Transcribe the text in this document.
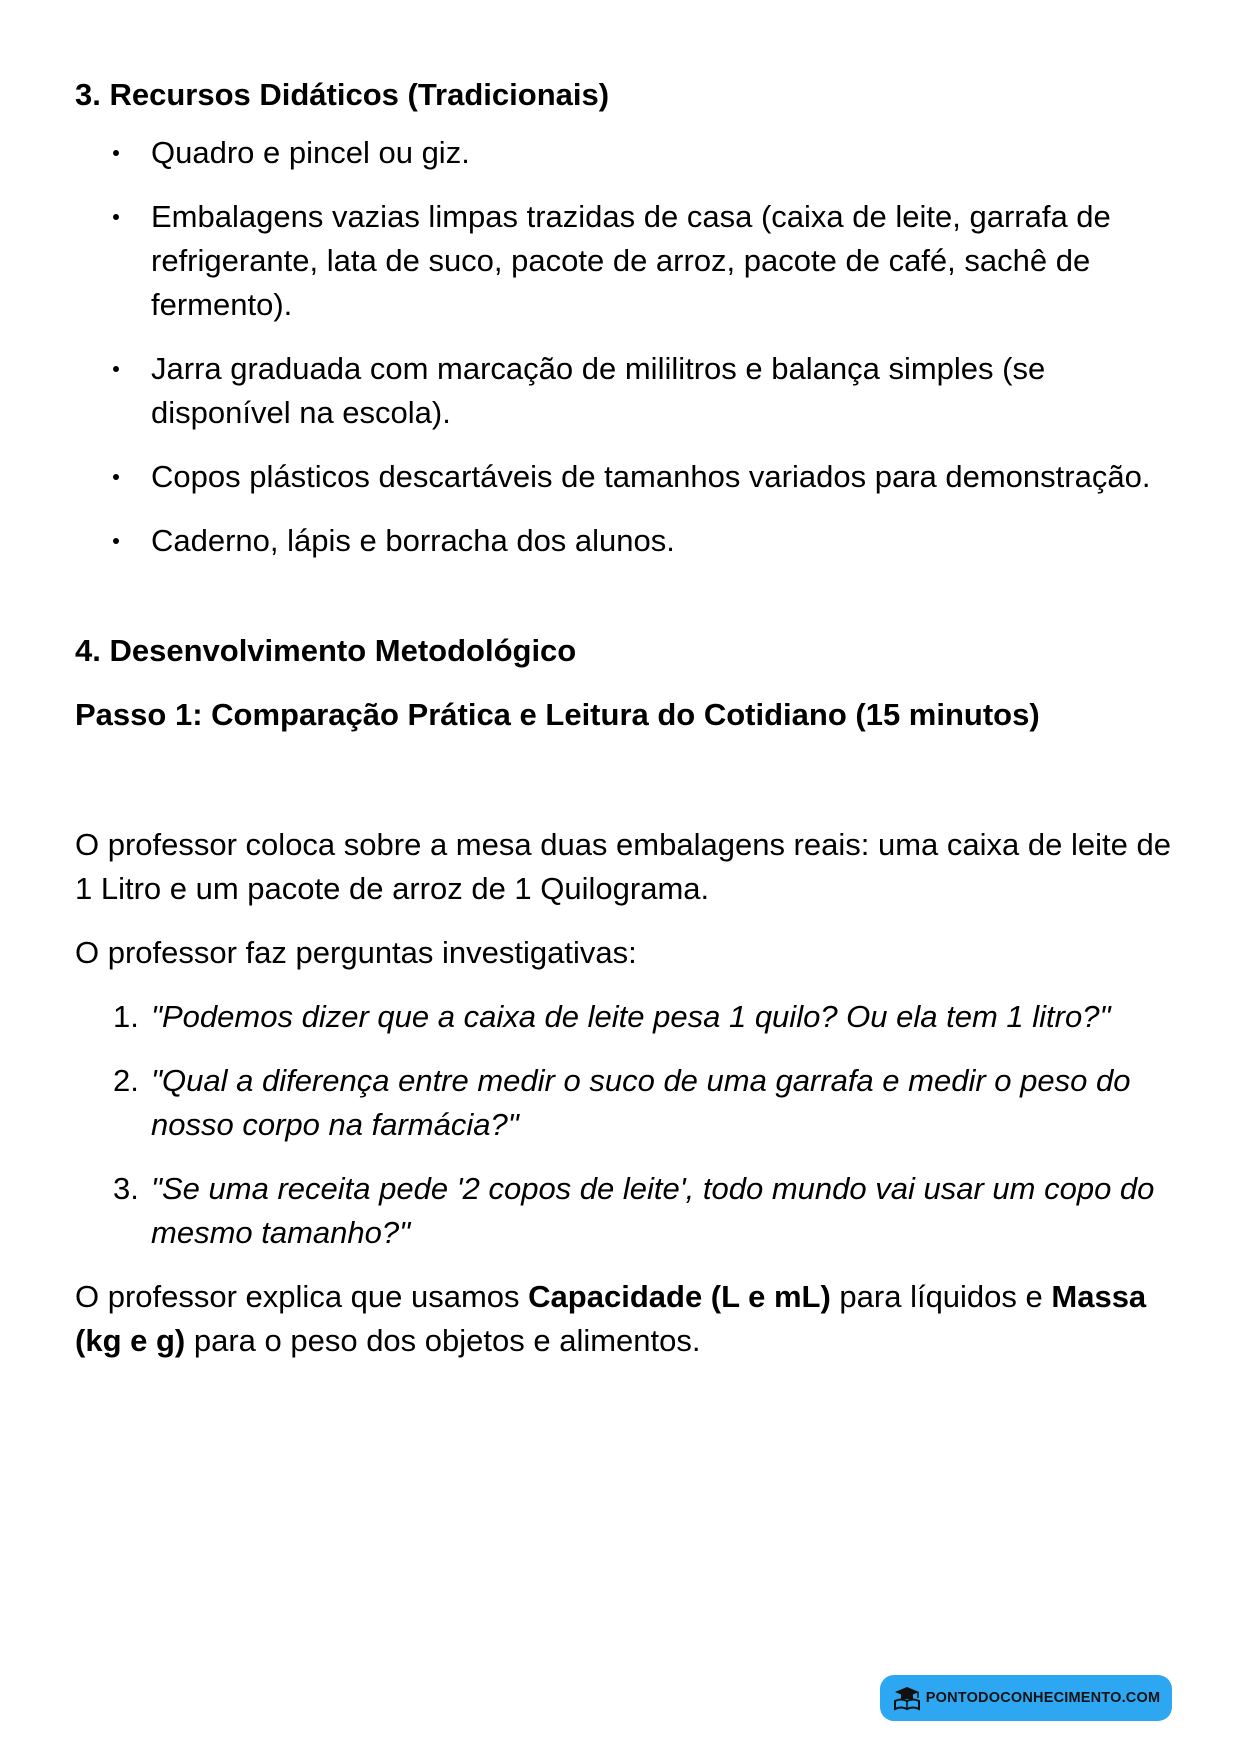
3. Recursos Didáticos (Tradicionais)
Quadro e pincel ou giz.
Embalagens vazias limpas trazidas de casa (caixa de leite, garrafa de refrigerante, lata de suco, pacote de arroz, pacote de café, sachê de fermento).
Jarra graduada com marcação de mililitros e balança simples (se disponível na escola).
Copos plásticos descartáveis de tamanhos variados para demonstração.
Caderno, lápis e borracha dos alunos.
4. Desenvolvimento Metodológico
Passo 1: Comparação Prática e Leitura do Cotidiano (15 minutos)

O professor coloca sobre a mesa duas embalagens reais: uma caixa de leite de 1 Litro e um pacote de arroz de 1 Quilograma.

O professor faz perguntas investigativas:

1. "Podemos dizer que a caixa de leite pesa 1 quilo? Ou ela tem 1 litro?"
2. "Qual a diferença entre medir o suco de uma garrafa e medir o peso do nosso corpo na farmácia?"
3. "Se uma receita pede '2 copos de leite', todo mundo vai usar um copo do mesmo tamanho?"

O professor explica que usamos Capacidade (L e mL) para líquidos e Massa (kg e g) para o peso dos objetos e alimentos.

PONTODOCONHECIMENTO.COM
